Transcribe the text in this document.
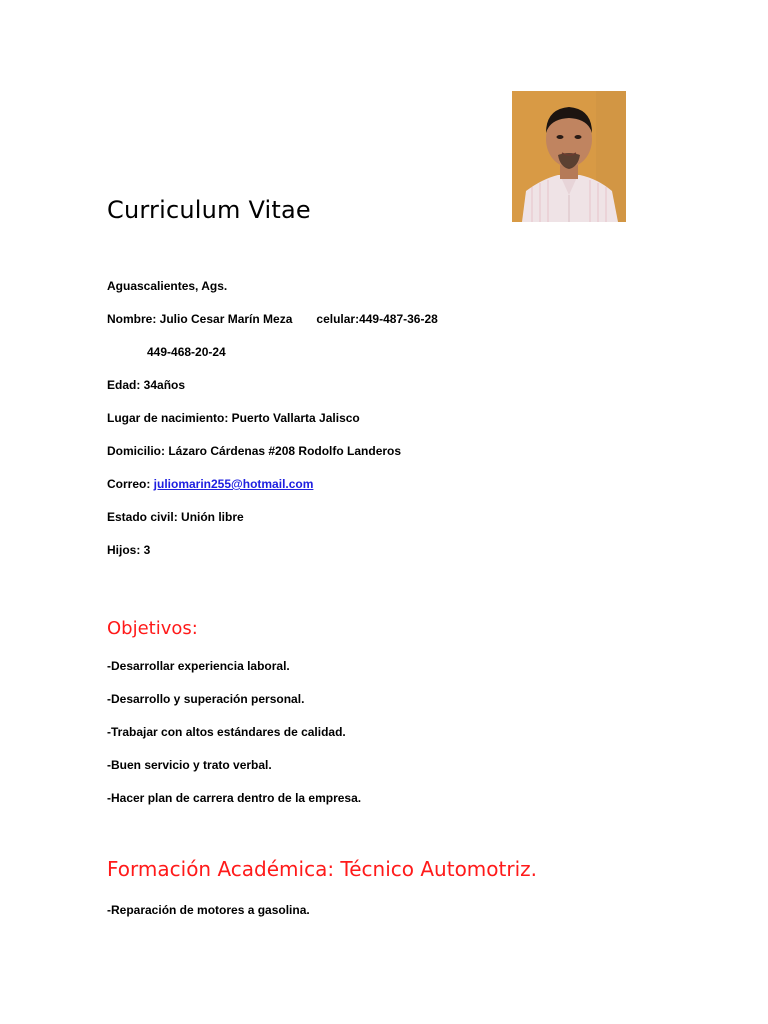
Curriculum Vitae
Aguascalientes, Ags.
Nombre: Julio Cesar Marín Meza celular:449-487-36-28
449-468-20-24
Edad: 34años
Lugar de nacimiento: Puerto Vallarta Jalisco
Domicilio: Lázaro Cárdenas #208 Rodolfo Landeros
Correo: juliomarin255@hotmail.com
Estado civil: Unión libre
Hijos: 3
Objetivos:
-Desarrollar experiencia laboral.
-Desarrollo y superación personal.
-Trabajar con altos estándares de calidad.
-Buen servicio y trato verbal.
-Hacer plan de carrera dentro de la empresa.
Formación Académica: Técnico Automotriz.
-Reparación de motores a gasolina.
